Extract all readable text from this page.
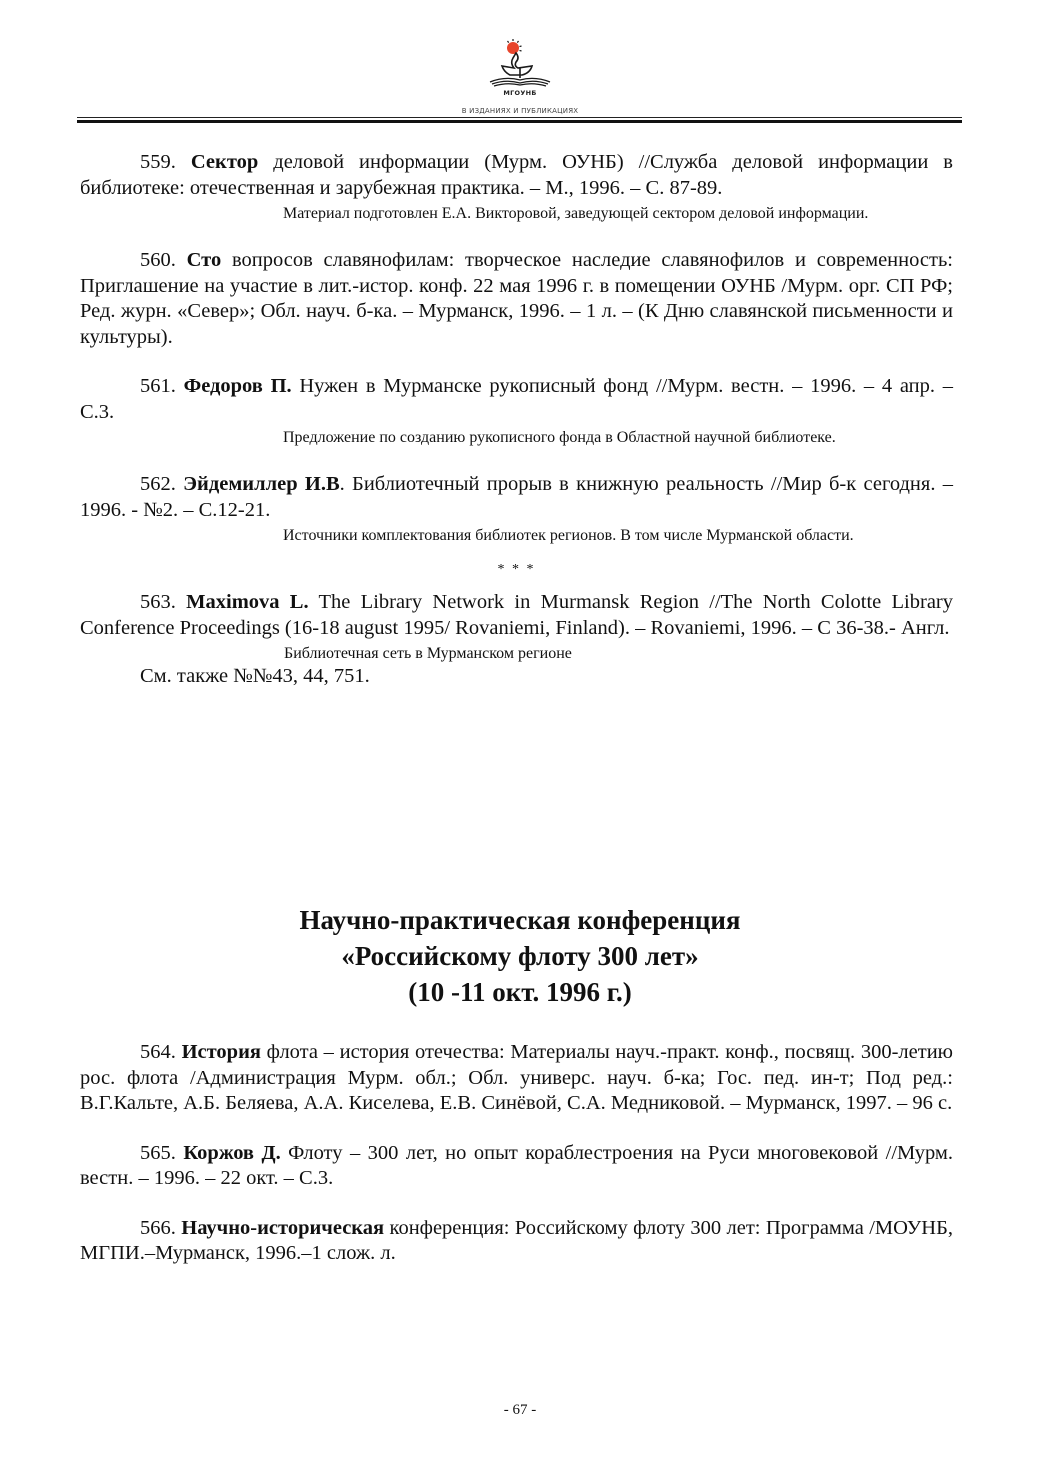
МГОУНБ
В ИЗДАНИЯХ И ПУБЛИКАЦИЯХ

559. Сектор деловой информации (Мурм. ОУНБ) //Служба деловой информации в библиотеке: отечественная и зарубежная практика. – М., 1996. – С. 87-89.

Материал подготовлен Е.А. Викторовой, заведующей сектором деловой информации.

560. Сто вопросов славянофилам: творческое наследие славянофилов и современность: Приглашение на участие в лит.-истор. конф. 22 мая 1996 г. в помещении ОУНБ /Мурм. орг. СП РФ; Ред. журн. «Север»; Обл. науч. б-ка. – Мурманск, 1996. – 1 л. – (К Дню славянской письменности и культуры).

561. Федоров П. Нужен в Мурманске рукописный фонд //Мурм. вестн. – 1996. – 4 апр. – С.3.

Предложение по созданию рукописного фонда в Областной научной библиотеке.

562. Эйдемиллер И.В. Библиотечный прорыв в книжную реальность //Мир б-к сегодня. – 1996. - №2. – С.12-21.

Источники комплектования библиотек регионов. В том числе Мурманской области.

* * *

563. Maximova L. The Library Network in Murmansk Region //The North Colotte Library Conference Proceedings (16-18 august 1995/ Rovaniemi, Finland). – Rovaniemi, 1996. – С 36-38.- Англ.

Библиотечная сеть в Мурманском регионе

См. также №№43, 44, 751.

Научно-практическая конференция
«Российскому флоту 300 лет»
(10 -11 окт. 1996 г.)

564. История флота – история отечества: Материалы науч.-практ. конф., посвящ. 300-летию рос. флота /Администрация Мурм. обл.; Обл. универс. науч. б-ка; Гос. пед. ин-т; Под ред.: В.Г.Кальте, А.Б. Беляева, А.А. Киселева, Е.В. Синёвой, С.А. Медниковой. – Мурманск, 1997. – 96 с.

565. Коржов Д. Флоту – 300 лет, но опыт кораблестроения на Руси многовековой //Мурм. вестн. – 1996. – 22 окт. – С.3.

566. Научно-историческая конференция: Российскому флоту 300 лет: Программа /МОУНБ, МГПИ.–Мурманск, 1996.–1 слож. л.

- 67 -
